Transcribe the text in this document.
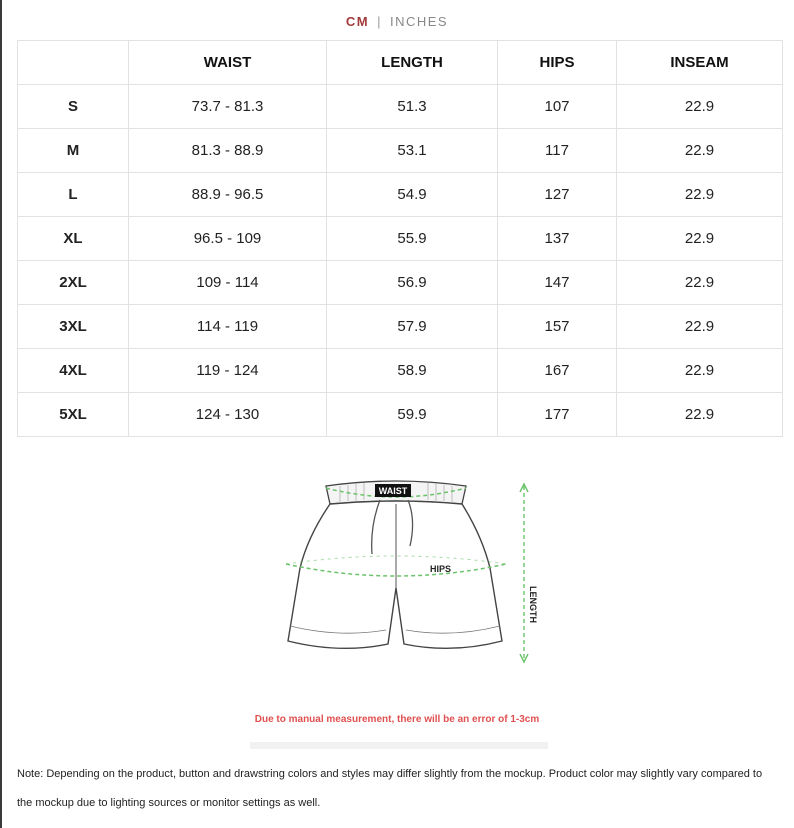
CM | INCHES
	WAIST	LENGTH	HIPS	INSEAM
S	73.7 - 81.3	51.3	107	22.9
M	81.3 - 88.9	53.1	117	22.9
L	88.9 - 96.5	54.9	127	22.9
XL	96.5 - 109	55.9	137	22.9
2XL	109 - 114	56.9	147	22.9
3XL	114 - 119	57.9	157	22.9
4XL	119 - 124	58.9	167	22.9
5XL	124 - 130	59.9	177	22.9
WAIST
HIPS
LENGTH
Due to manual measurement, there will be an error of 1-3cm
Note: Depending on the product, button and drawstring colors and styles may differ slightly from the mockup. Product color may slightly vary compared to the mockup due to lighting sources or monitor settings as well.
